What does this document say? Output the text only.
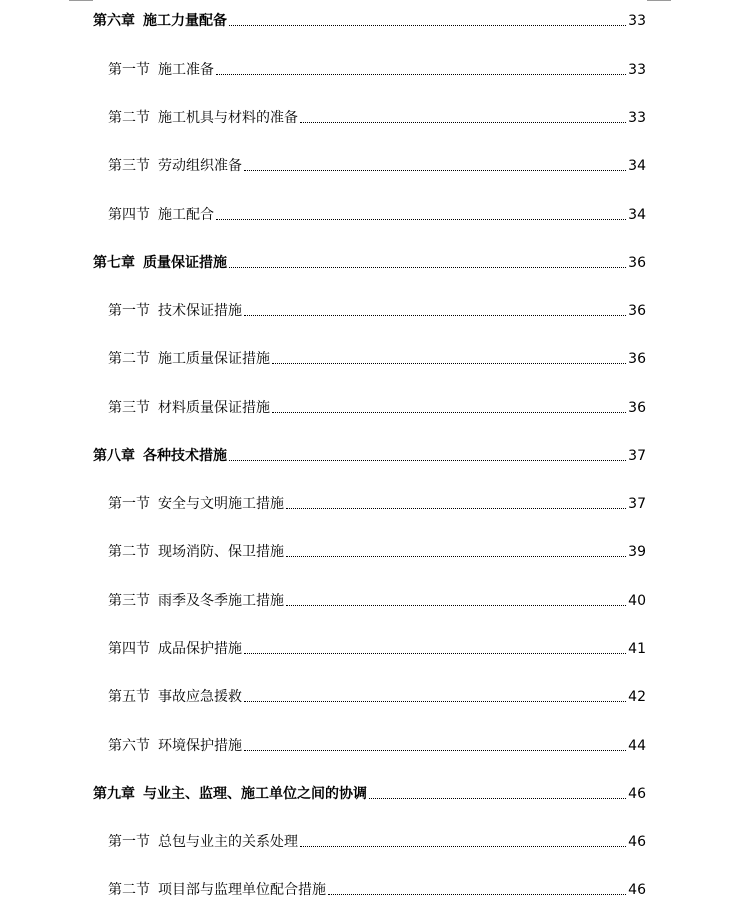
第六章 施工力量配备	33
第一节 施工准备	33
第二节 施工机具与材料的准备	33
第三节 劳动组织准备	34
第四节 施工配合	34
第七章 质量保证措施	36
第一节 技术保证措施	36
第二节 施工质量保证措施	36
第三节 材料质量保证措施	36
第八章 各种技术措施	37
第一节 安全与文明施工措施	37
第二节 现场消防、保卫措施	39
第三节 雨季及冬季施工措施	40
第四节 成品保护措施	41
第五节 事故应急援救	42
第六节 环境保护措施	44
第九章 与业主、监理、施工单位之间的协调	46
第一节 总包与业主的关系处理	46
第二节 项目部与监理单位配合措施	46
